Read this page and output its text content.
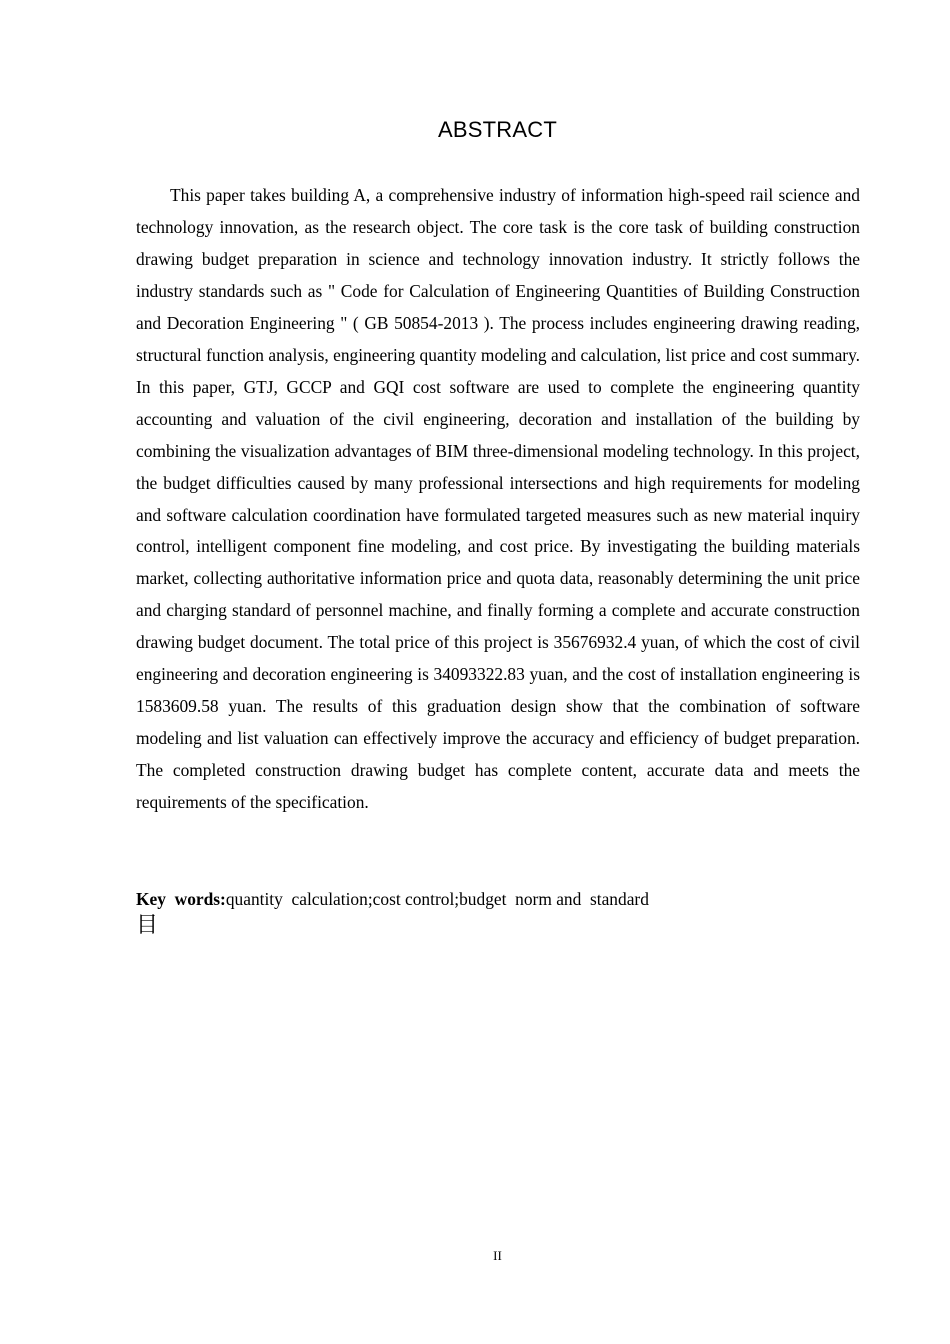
ABSTRACT

This paper takes building A, a comprehensive industry of information high-speed rail science and technology innovation, as the research object. The core task is the core task of building construction drawing budget preparation in science and technology innovation industry. It strictly follows the industry standards such as " Code for Calculation of Engineering Quantities of Building Construction and Decoration Engineering " ( GB 50854-2013 ). The process includes engineering drawing reading, structural function analysis, engineering quantity modeling and calculation, list price and cost summary. In this paper, GTJ, GCCP and GQI cost software are used to complete the engineering quantity accounting and valuation of the civil engineering, decoration and installation of the building by combining the visualization advantages of BIM three-dimensional modeling technology. In this project, the budget difficulties caused by many professional intersections and high requirements for modeling and software calculation coordination have formulated targeted measures such as new material inquiry control, intelligent component fine modeling, and cost price. By investigating the building materials market, collecting authoritative information price and quota data, reasonably determining the unit price and charging standard of personnel machine, and finally forming a complete and accurate construction drawing budget document. The total price of this project is 35676932.4 yuan, of which the cost of civil engineering and decoration engineering is 34093322.83 yuan, and the cost of installation engineering is 1583609.58 yuan. The results of this graduation design show that the combination of software modeling and list valuation can effectively improve the accuracy and efficiency of budget preparation. The completed construction drawing budget has complete content, accurate data and meets the requirements of the specification.

Key  words:quantity  calculation;cost control;budget  norm and  standard
目
II
